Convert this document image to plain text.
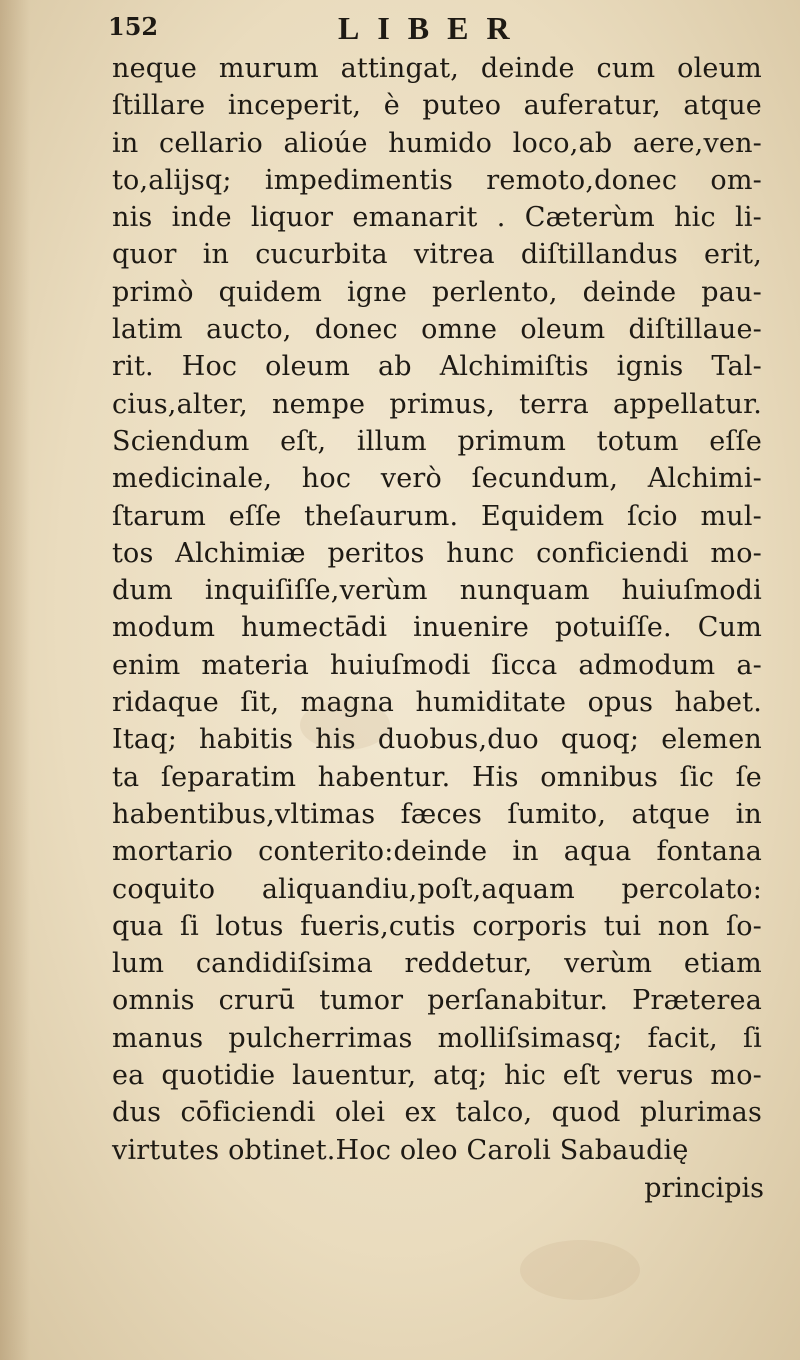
152	LIBER
neque murum attingat, deinde cum oleum
ſtillare inceperit, è puteo auferatur, atque
in cellario alioúe humido loco,ab aere,ven-
to,alijsq; impedimentis remoto,donec om-
nis inde liquor emanarit . Cæterùm hic li-
quor in cucurbita vitrea diſtillandus erit,
primò quidem igne perlento, deinde pau-
latim aucto, donec omne oleum diſtillaue-
rit. Hoc oleum ab Alchimiſtis ignis Tal-
cius,alter, nempe primus, terra appellatur.
Sciendum eſt, illum primum totum eſſe
medicinale, hoc verò ſecundum, Alchimi-
ſtarum eſſe theſaurum. Equidem ſcio mul-
tos Alchimiæ peritos hunc conficiendi mo-
dum inquiſiſſe,verùm nunquam huiuſmodi
modum humectādi inuenire potuiſſe. Cum
enim materia huiuſmodi ſicca admodum a-
ridaque ſit, magna humiditate opus habet.
Itaq; habitis his duobus,duo quoq; elemen
ta ſeparatim habentur. His omnibus ſic ſe
habentibus,vltimas fæces ſumito, atque in
mortario conterito:deinde in aqua fontana
coquito aliquandiu,poſt,aquam percolato:
qua ſi lotus fueris,cutis corporis tui non ſo-
lum candidiſsima reddetur, verùm etiam
omnis crurū tumor perſanabitur. Præterea
manus pulcherrimas molliſsimasq; facit, ſi
ea quotidie lauentur, atq; hic eſt verus mo-
dus cōficiendi olei ex talco, quod plurimas
virtutes obtinet.Hoc oleo Caroli Sabaudię
principis
